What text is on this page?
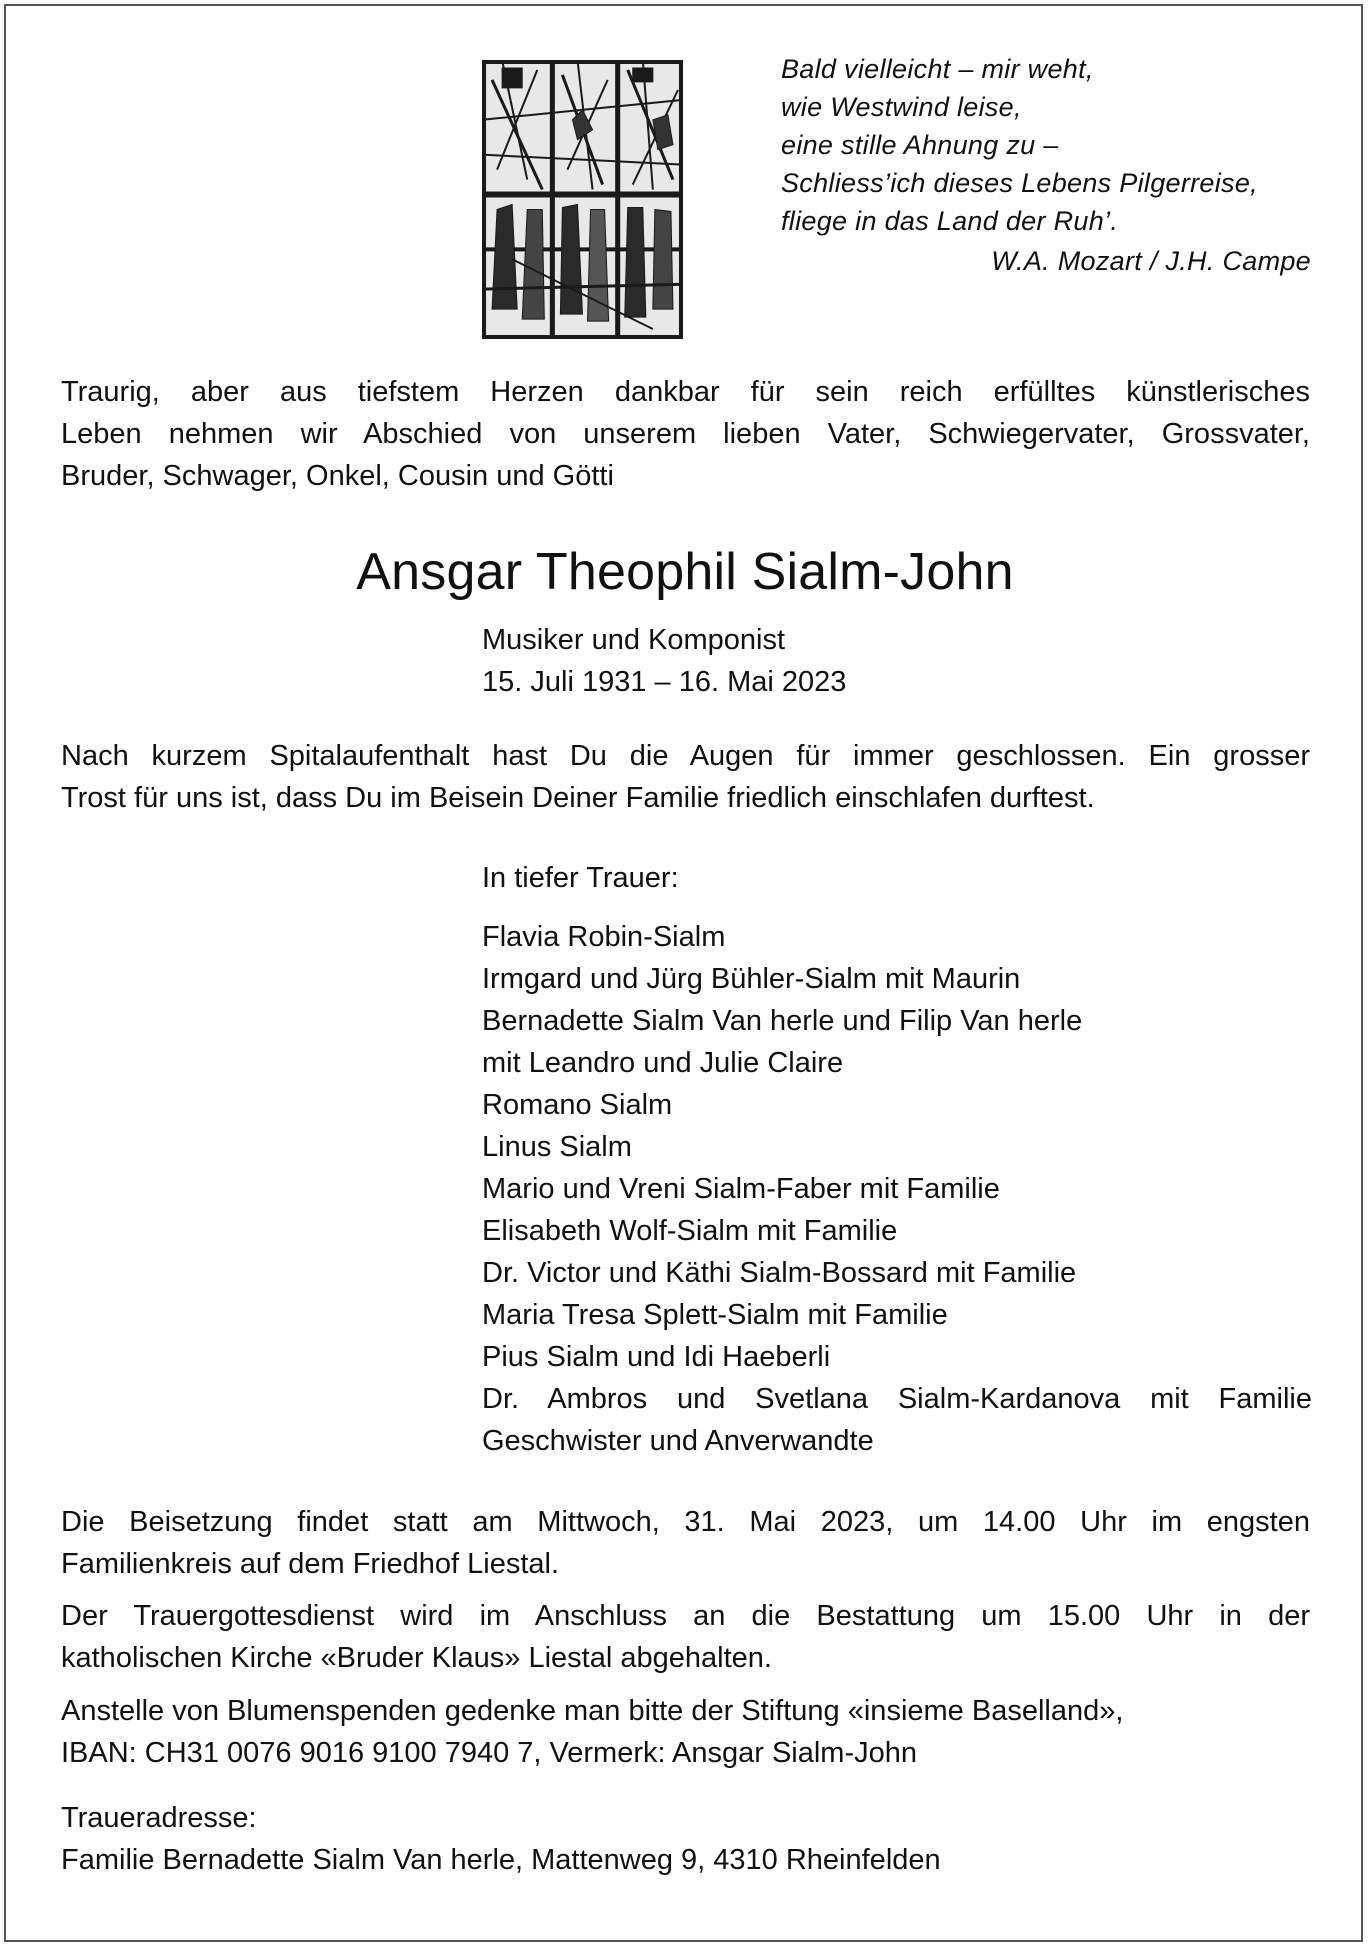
Bald vielleicht – mir weht,
wie Westwind leise,
eine stille Ahnung zu –
Schliess’ich dieses Lebens Pilgerreise,
fliege in das Land der Ruh’.
W.A. Mozart / J.H. Campe
Traurig, aber aus tiefstem Herzen dankbar für sein reich erfülltes künstlerisches
Leben nehmen wir Abschied von unserem lieben Vater, Schwiegervater, Grossvater,
Bruder, Schwager, Onkel, Cousin und Götti
Ansgar Theophil Sialm-John
Musiker und Komponist
15. Juli 1931 – 16. Mai 2023
Nach kurzem Spitalaufenthalt hast Du die Augen für immer geschlossen. Ein grosser
Trost für uns ist, dass Du im Beisein Deiner Familie friedlich einschlafen durftest.
In tiefer Trauer:
Flavia Robin-Sialm
Irmgard und Jürg Bühler-Sialm mit Maurin
Bernadette Sialm Van herle und Filip Van herle
mit Leandro und Julie Claire
Romano Sialm
Linus Sialm
Mario und Vreni Sialm-Faber mit Familie
Elisabeth Wolf-Sialm mit Familie
Dr. Victor und Käthi Sialm-Bossard mit Familie
Maria Tresa Splett-Sialm mit Familie
Pius Sialm und Idi Haeberli
Dr. Ambros und Svetlana Sialm-Kardanova mit Familie
Geschwister und Anverwandte
Die Beisetzung findet statt am Mittwoch, 31. Mai 2023, um 14.00 Uhr im engsten
Familienkreis auf dem Friedhof Liestal.
Der Trauergottesdienst wird im Anschluss an die Bestattung um 15.00 Uhr in der
katholischen Kirche «Bruder Klaus» Liestal abgehalten.
Anstelle von Blumenspenden gedenke man bitte der Stiftung «insieme Baselland»,
IBAN: CH31 0076 9016 9100 7940 7, Vermerk: Ansgar Sialm-John
Traueradresse:
Familie Bernadette Sialm Van herle, Mattenweg 9, 4310 Rheinfelden
